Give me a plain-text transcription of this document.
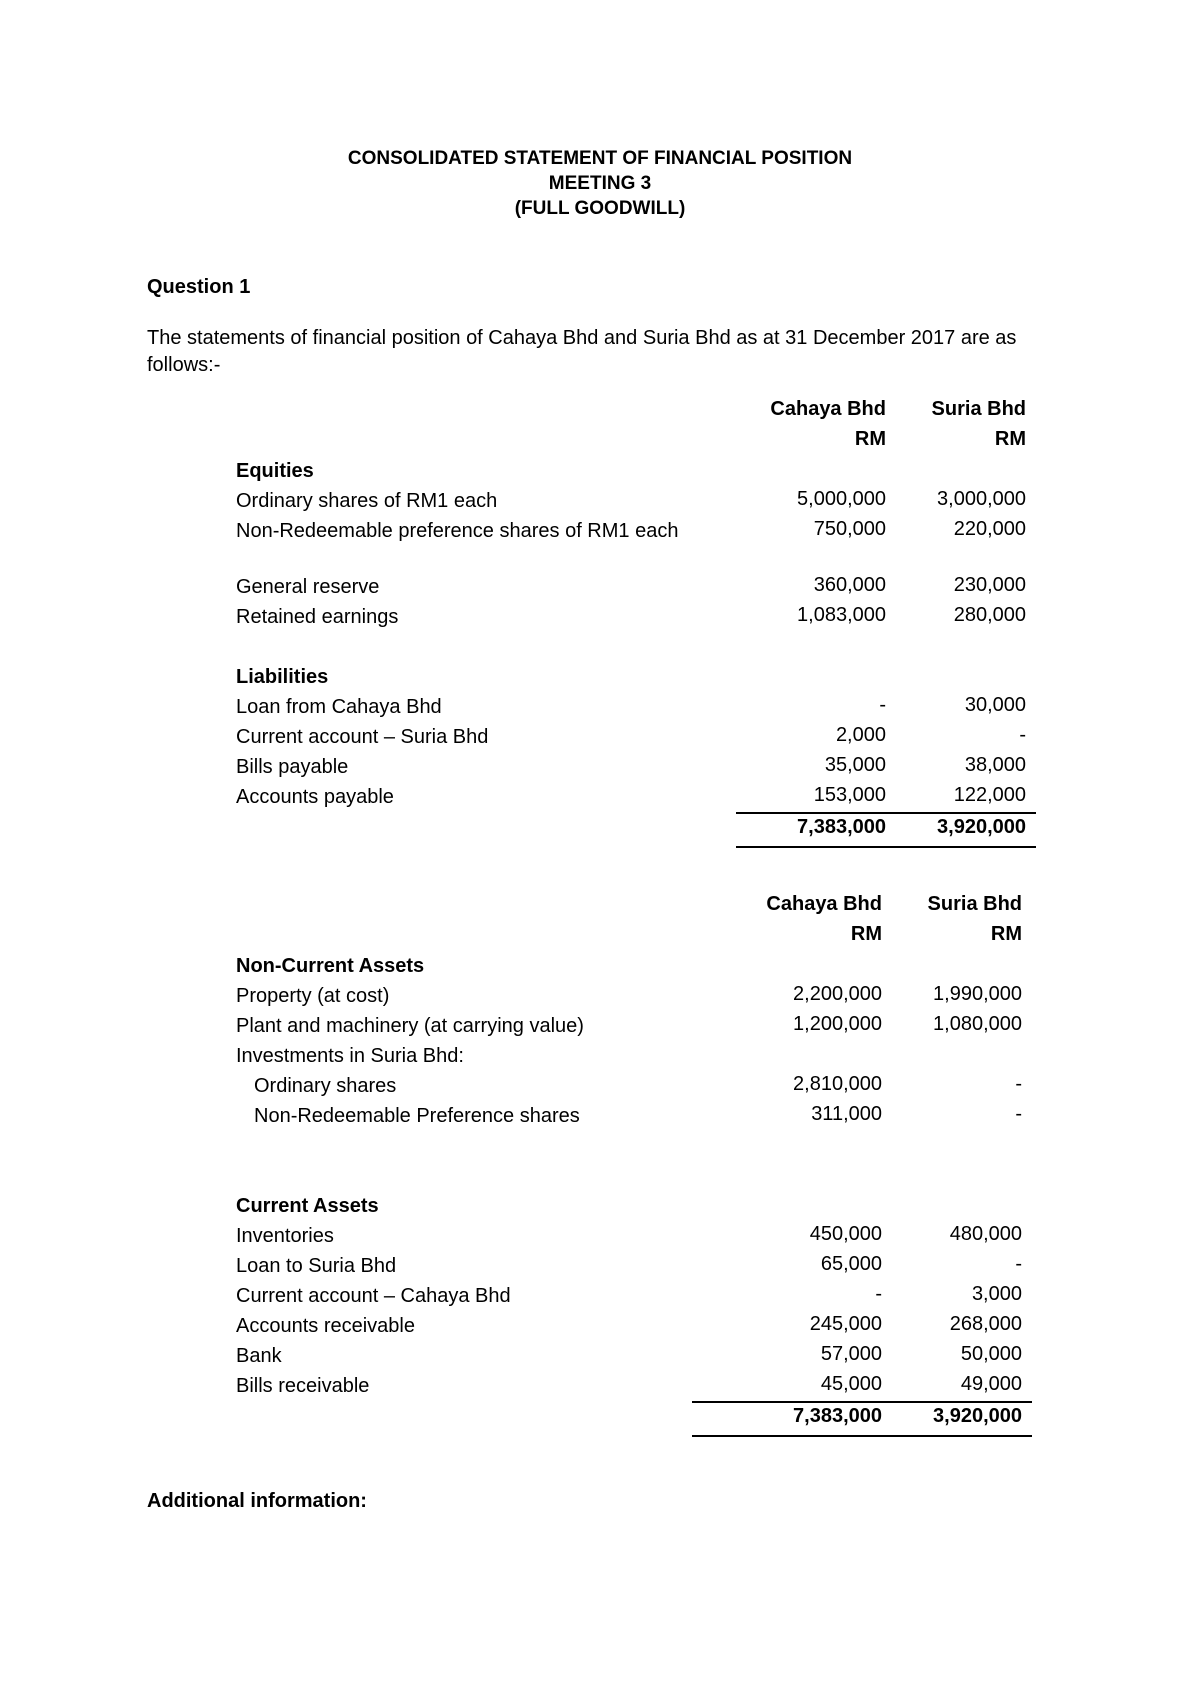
CONSOLIDATED STATEMENT OF FINANCIAL POSITION
MEETING 3
(FULL GOODWILL)
Question 1
The statements of financial position of Cahaya Bhd and Suria Bhd as at 31 December 2017 are as follows:-
Cahaya Bhd	Suria Bhd
RM	RM
Equities
Ordinary shares of RM1 each	5,000,000	3,000,000
Non-Redeemable preference shares of RM1 each	750,000	220,000
General reserve	360,000	230,000
Retained earnings	1,083,000	280,000
Liabilities
Loan from Cahaya Bhd	-	30,000
Current account – Suria Bhd	2,000	-
Bills payable	35,000	38,000
Accounts payable	153,000	122,000
7,383,000	3,920,000
Cahaya Bhd	Suria Bhd
RM	RM
Non-Current Assets
Property (at cost)	2,200,000	1,990,000
Plant and machinery (at carrying value)	1,200,000	1,080,000
Investments in Suria Bhd:
Ordinary shares	2,810,000	-
Non-Redeemable Preference shares	311,000	-
Current Assets
Inventories	450,000	480,000
Loan to Suria Bhd	65,000	-
Current account – Cahaya Bhd	-	3,000
Accounts receivable	245,000	268,000
Bank	57,000	50,000
Bills receivable	45,000	49,000
7,383,000	3,920,000
Additional information:
